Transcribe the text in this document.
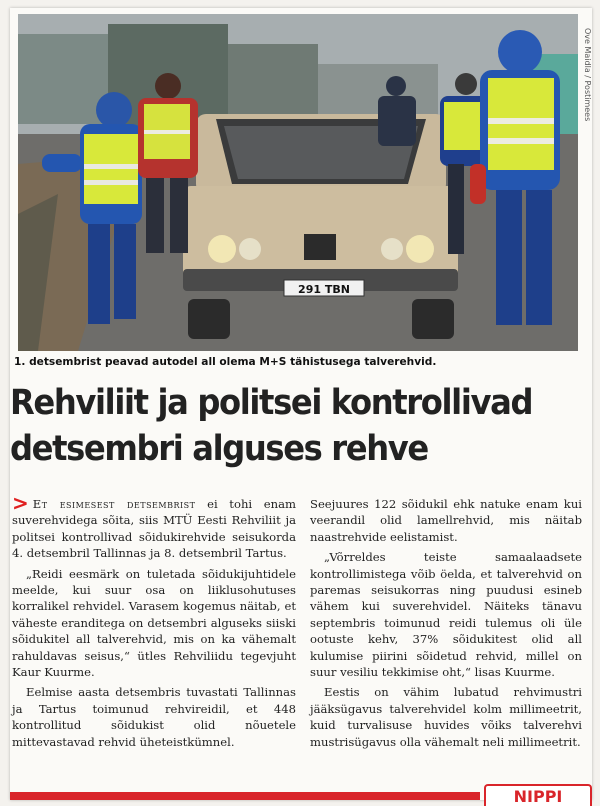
291 TBN
Ove Maidla / Postimees
1. detsembrist peavad autodel all olema M+S tähistusega talverehvid.
Rehviliit ja politsei kontrollivad
detsembri alguses rehve

> Et esimesest detsembrist ei tohi enam suverehvidega sõita, siis MTÜ Eesti Rehviliit ja politsei kontrollivad sõidukirehvide seisukorda 4. detsembril Tallinnas ja 8. detsembril Tartus.

„Reidi eesmärk on tuletada sõidukijuhtidele meelde, kui suur osa on liiklusohutuses korralikel rehvidel. Varasem kogemus näitab, et väheste eranditega on detsembri alguseks siiski sõidukitel all talverehvid, mis on ka vähemalt rahuldavas seisus,“ ütles Rehviliidu tegevjuht Kaur Kuurme.

Eelmise aasta detsembris tuvastati Tallinnas ja Tartus toimunud rehvireidil, et 448 kontrollitud sõidukist olid nõuetele mittevastavad rehvid üheteistkümnel.

Seejuures 122 sõidukil ehk natuke enam kui veerandil olid lamellrehvid, mis näitab naastrehvide eelistamist.

„Võrreldes teiste samaalaadsete kontrollimistega võib öelda, et talverehvid on paremas seisukorras ning puudusi esineb vähem kui suverehvidel. Näiteks tänavu septembris toimunud reidi tulemus oli üle ootuste kehv, 37% sõidukitest olid all kulumise piirini sõidetud rehvid, millel on suur vesiliu tekkimise oht,“ lisas Kuurme.

Eestis on vähim lubatud rehvimustri jääksügavus talverehvidel kolm millimeetrit, kuid turvalisuse huvides võiks talverehvi mustrisügavus olla vähemalt neli millimeetrit.

NIPPI
